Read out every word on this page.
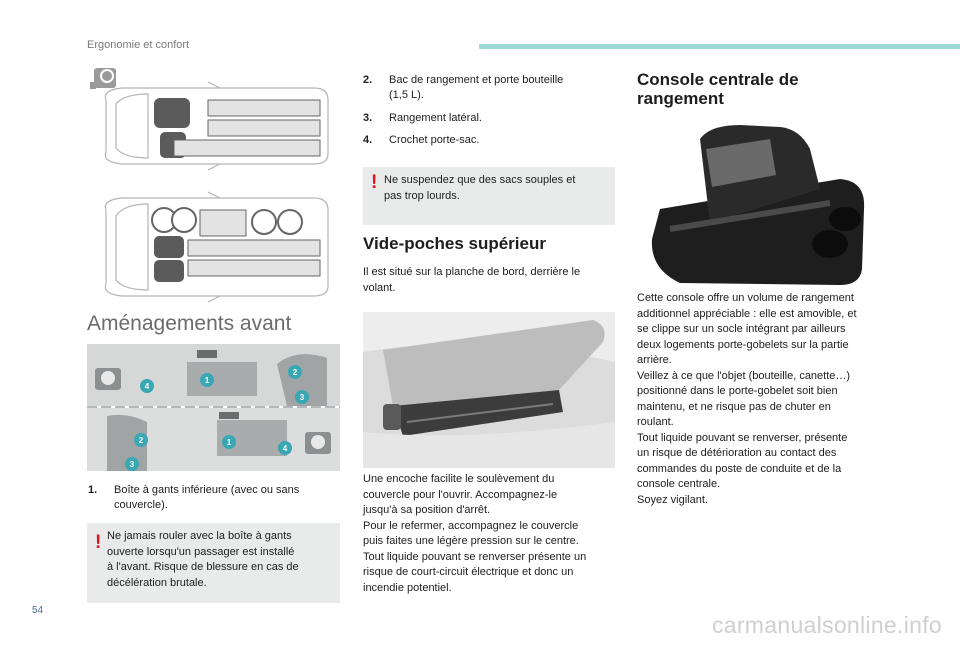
Ergonomie et confort
Aménagements avant
1
2
3
4
1
2
3
4
1. Boîte à gants inférieure (avec ou sans
couvercle).
! Ne jamais rouler avec la boîte à gants
ouverte lorsqu'un passager est installé
à l'avant. Risque de blessure en cas de
décélération brutale.
2. Bac de rangement et porte bouteille
(1,5 L).
3. Rangement latéral.
4. Crochet porte-sac.
! Ne suspendez que des sacs souples et
pas trop lourds.
Vide-poches supérieur
Il est situé sur la planche de bord, derrière le
volant.
Une encoche facilite le soulèvement du
couvercle pour l'ouvrir. Accompagnez-le
jusqu'à sa position d'arrêt.
Pour le refermer, accompagnez le couvercle
puis faites une légère pression sur le centre.
Tout liquide pouvant se renverser présente un
risque de court-circuit électrique et donc un
incendie potentiel.
Console centrale de
rangement
Cette console offre un volume de rangement
additionnel appréciable : elle est amovible, et
se clippe sur un socle intégrant par ailleurs
deux logements porte-gobelets sur la partie
arrière.
Veillez à ce que l'objet (bouteille, canette…)
positionné dans le porte-gobelet soit bien
maintenu, et ne risque pas de chuter en
roulant.
Tout liquide pouvant se renverser, présente
un risque de détérioration au contact des
commandes du poste de conduite et de la
console centrale.
Soyez vigilant.
54
carmanualsonline.info
